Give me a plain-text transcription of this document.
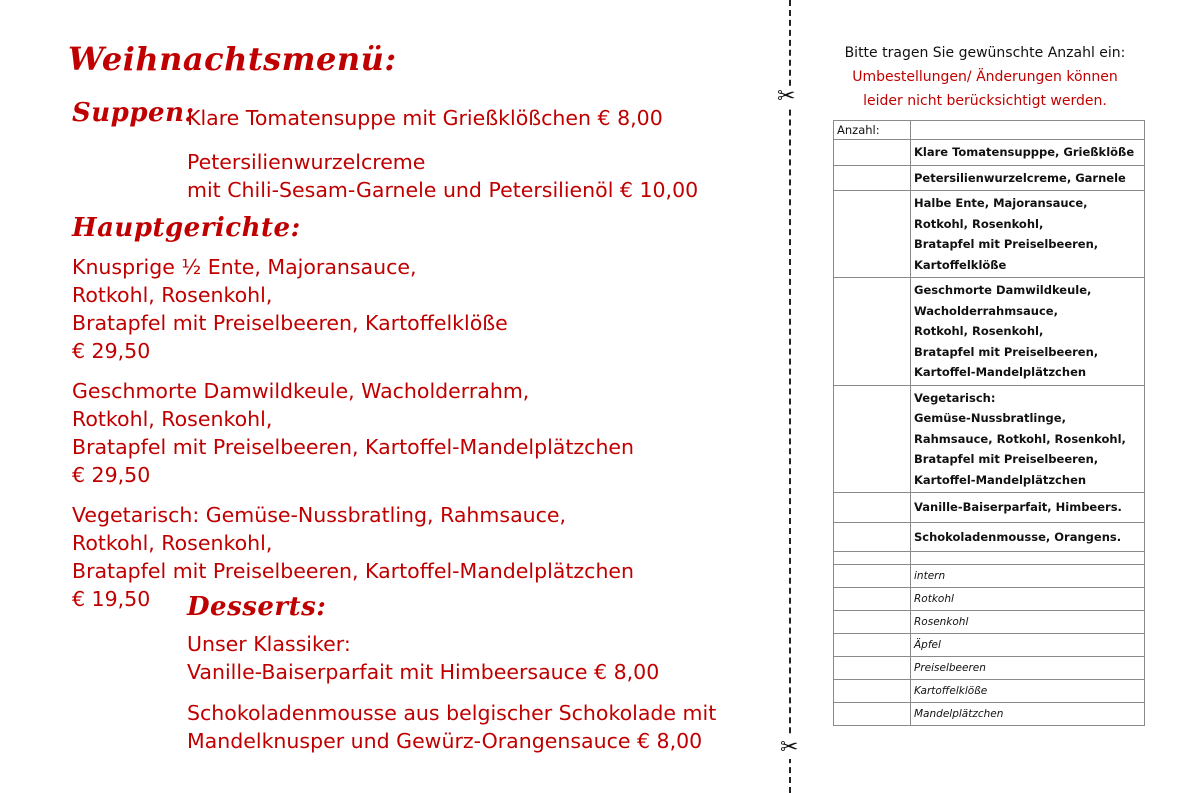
Weihnachtsmenü:
Suppen:
Klare Tomatensuppe mit Grießklößchen € 8,00
Petersilienwurzelcreme
mit Chili-Sesam-Garnele und Petersilienöl € 10,00
Hauptgerichte:
Knusprige ½ Ente, Majoransauce,
Rotkohl, Rosenkohl,
Bratapfel mit Preiselbeeren, Kartoffelklöße
€ 29,50
Geschmorte Damwildkeule, Wacholderrahm,
Rotkohl, Rosenkohl,
Bratapfel mit Preiselbeeren, Kartoffel-Mandelplätzchen
€ 29,50
Vegetarisch: Gemüse-Nussbratling, Rahmsauce,
Rotkohl, Rosenkohl,
Bratapfel mit Preiselbeeren, Kartoffel-Mandelplätzchen
€ 19,50	Desserts:
Unser Klassiker:
Vanille-Baiserparfait mit Himbeersauce € 8,00
Schokoladenmousse aus belgischer Schokolade mit
Mandelknusper und Gewürz-Orangensauce € 8,00
✂
✂
Bitte tragen Sie gewünschte Anzahl ein:
Umbestellungen/ Änderungen können
leider nicht berücksichtigt werden.
Anzahl:	

	Klare Tomatensupppe, Grießklöße

	Petersilienwurzelcreme, Garnele

	Halbe Ente, Majoransauce,
Rotkohl, Rosenkohl,
Bratapfel mit Preiselbeeren,
Kartoffelklöße

	Geschmorte Damwildkeule,
Wacholderrahmsauce,
Rotkohl, Rosenkohl,
Bratapfel mit Preiselbeeren,
Kartoffel-Mandelplätzchen

	Vegetarisch:
Gemüse-Nussbratlinge,
Rahmsauce, Rotkohl, Rosenkohl,
Bratapfel mit Preiselbeeren,
Kartoffel-Mandelplätzchen

	Vanille-Baiserparfait, Himbeers.

	Schokoladenmousse, Orangens.

	intern
	Rotkohl
	Rosenkohl
	Äpfel
	Preiselbeeren
	Kartoffelklöße
	Mandelplätzchen
